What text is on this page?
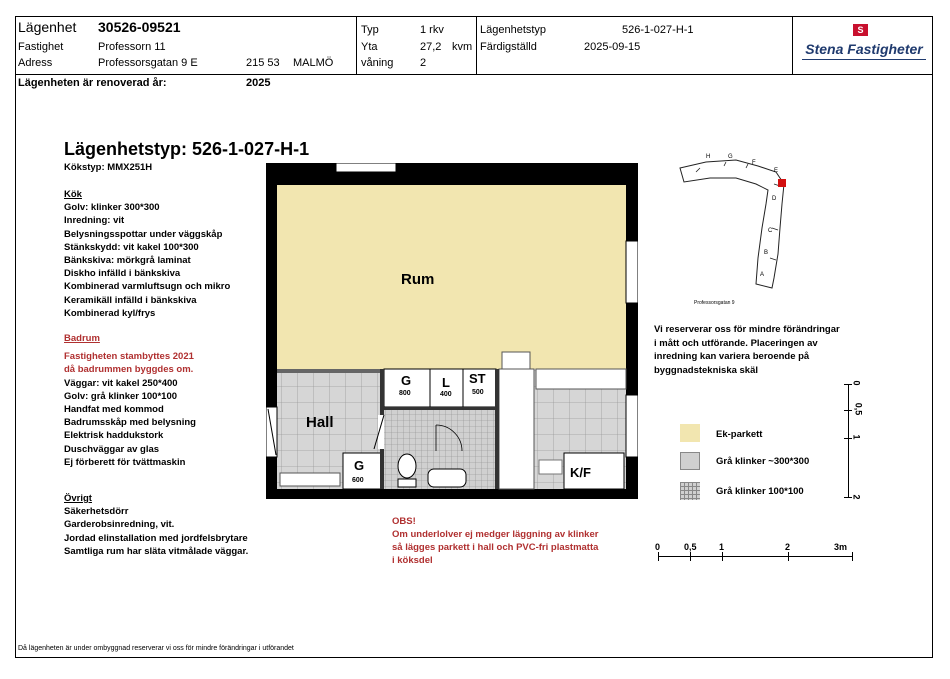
Lägenhet 30526-09521
Fastighet	Professorn 11
Adress	Professorsgatan 9 E	215 53 MALMÖ
Typ	1 rkv
Yta	27,2 kvm
våning 2
Lägenhetstyp	526-1-027-H-1
Färdigställd	2025-09-15
S
Stena Fastigheter
Lägenheten är renoverad år:	2025
Lägenhetstyp: 526-1-027-H-1
Kökstyp: MMX251H
Kök
Golv: klinker 300*300
Inredning: vit
Belysningsspottar under väggskåp
Stänkskydd: vit kakel 100*300
Bänkskiva: mörkgrå laminat
Diskho infälld i bänkskiva
Kombinerad varmluftsugn och mikro
Keramikäll infälld i bänkskiva
Kombinerad kyl/frys
Badrum
Fastigheten stambyttes 2021
då badrummen byggdes om.
Väggar: vit kakel 250*400
Golv: grå klinker 100*100
Handfat med kommod
Badrumsskåp med belysning
Elektrisk haddukstork
Duschväggar av glas
Ej förberett för tvättmaskin
Övrigt
Säkerhetsdörr
Garderobsinredning, vit.
Jordad elinstallation med jordfelsbrytare
Samtliga rum har släta vitmålade väggar.
Rum
Hall
K/F
G
800
L
400
ST
500
G
600
OBS!
Om underlolver ej medger läggning av klinker
så lägges parkett i hall och PVC-fri plastmatta
i köksdel
H	G
F
E
D
C
B
A
Professorsgatan 9
Vi reserverar oss för mindre förändringar
i mått och utförande. Placeringen av
inredning kan variera beroende på
byggnadstekniska skäl
Ek-parkett
Grå klinker ~300*300
Grå klinker 100*100
0
0,5
1
2
0	0,5 1	2	3m
Då lägenheten är under ombyggnad reserverar vi oss för mindre förändringar i utförandet
